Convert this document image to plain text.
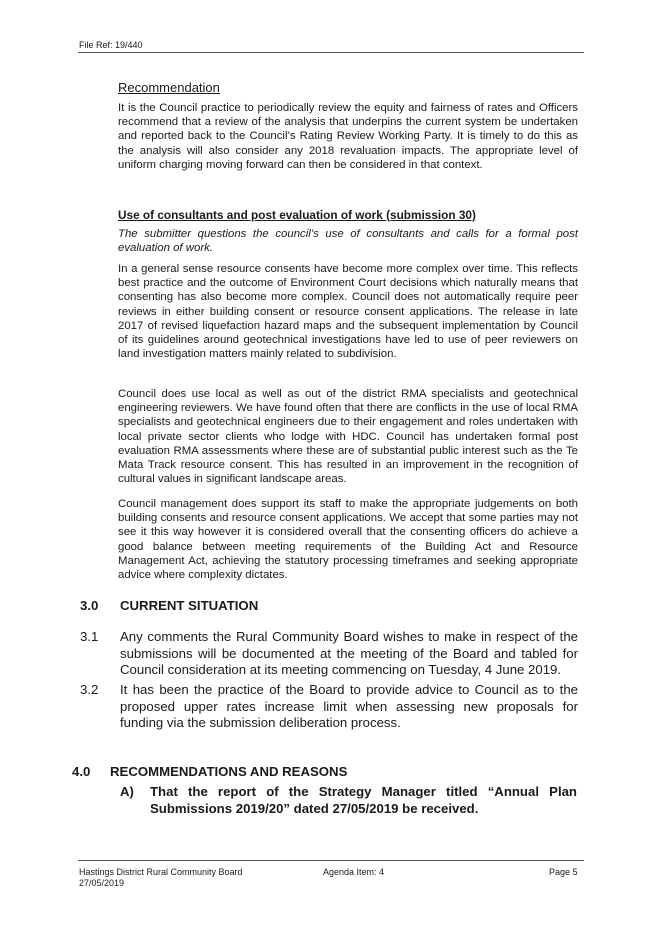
File Ref: 19/440
Recommendation

It is the Council practice to periodically review the equity and fairness of rates and Officers recommend that a review of the analysis that underpins the current system be undertaken and reported back to the Council’s Rating Review Working Party. It is timely to do this as the analysis will also consider any 2018 revaluation impacts. The appropriate level of uniform charging moving forward can then be considered in that context.

Use of consultants and post evaluation of work (submission 30)

The submitter questions the council’s use of consultants and calls for a formal post evaluation of work.

In a general sense resource consents have become more complex over time. This reflects best practice and the outcome of Environment Court decisions which naturally means that consenting has also become more complex. Council does not automatically require peer reviews in either building consent or resource consent applications. The release in late 2017 of revised liquefaction hazard maps and the subsequent implementation by Council of its guidelines around geotechnical investigations have led to use of peer reviewers on land investigation matters mainly related to subdivision.

Council does use local as well as out of the district RMA specialists and geotechnical engineering reviewers. We have found often that there are conflicts in the use of local RMA specialists and geotechnical engineers due to their engagement and roles undertaken with local private sector clients who lodge with HDC. Council has undertaken formal post evaluation RMA assessments where these are of substantial public interest such as the Te Mata Track resource consent. This has resulted in an improvement in the recognition of cultural values in significant landscape areas.

Council management does support its staff to make the appropriate judgements on both building consents and resource consent applications. We accept that some parties may not see it this way however it is considered overall that the consenting officers do achieve a good balance between meeting requirements of the Building Act and Resource Management Act, achieving the statutory processing timeframes and seeking appropriate advice where complexity dictates.

3.0 CURRENT SITUATION
3.1 Any comments the Rural Community Board wishes to make in respect of the submissions will be documented at the meeting of the Board and tabled for Council consideration at its meeting commencing on Tuesday, 4 June 2019.

3.2 It has been the practice of the Board to provide advice to Council as to the proposed upper rates increase limit when assessing new proposals for funding via the submission deliberation process.

4.0 RECOMMENDATIONS AND REASONS
A) That the report of the Strategy Manager titled “Annual Plan Submissions 2019/20” dated 27/05/2019 be received.

Hastings District Rural Community Board	Agenda Item: 4	Page 5
27/05/2019
